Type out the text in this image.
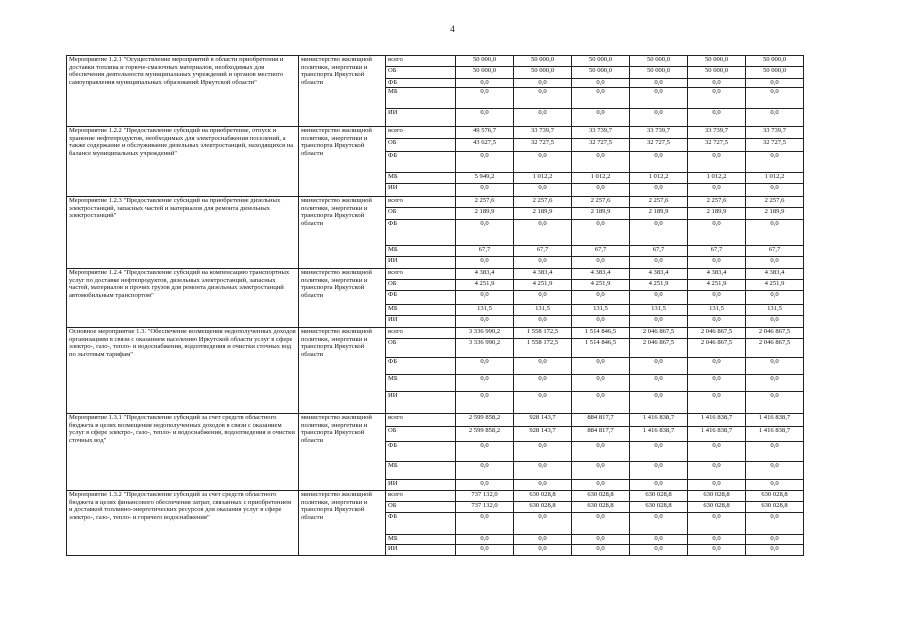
4
Мероприятие 1.2.1 "Осуществление мероприятий в области приобретения и доставки топлива и горюче-смазочных материалов, необходимых для обеспечения деятельности муниципальных учреждений и органов местного самоуправления муниципальных образований Иркутской области"	министерство жилищной политики, энергетики и транспорта Иркутской области	всего	50 000,0	50 000,0	50 000,0	50 000,0	50 000,0	50 000,0
		ОБ	50 000,0	50 000,0	50 000,0	50 000,0	50 000,0	50 000,0
		ФБ	0,0	0,0	0,0	0,0	0,0	0,0
		МБ	0,0	0,0	0,0	0,0	0,0	0,0
		ИИ	0,0	0,0	0,0	0,0	0,0	0,0
Мероприятие 1.2.2 "Предоставление субсидий на приобретение, отпуск и хранение нефтепродуктов, необходимых для электроснабжения поселений, а также содержание и обслуживание дизельных электростанций, находящихся на балансе муниципальных учреждений"	министерство жилищной политики, энергетики и транспорта Иркутской области	всего	49 576,7	33 739,7	33 739,7	33 739,7	33 739,7	33 739,7
		ОБ	43 627,5	32 727,5	32 727,5	32 727,5	32 727,5	32 727,5
		ФБ	0,0	0,0	0,0	0,0	0,0	0,0
		МБ	5 949,2	1 012,2	1 012,2	1 012,2	1 012,2	1 012,2
		ИИ	0,0	0,0	0,0	0,0	0,0	0,0
Мероприятие 1.2.3 "Предоставление субсидий на приобретение дизельных электростанций, запасных частей и материалов для ремонта дизельных электростанций"	министерство жилищной политики, энергетики и транспорта Иркутской области	всего	2 257,6	2 257,6	2 257,6	2 257,6	2 257,6	2 257,6
		ОБ	2 189,9	2 189,9	2 189,9	2 189,9	2 189,9	2 189,9
		ФБ	0,0	0,0	0,0	0,0	0,0	0,0
		МБ	67,7	67,7	67,7	67,7	67,7	67,7
		ИИ	0,0	0,0	0,0	0,0	0,0	0,0
Мероприятие 1.2.4 "Предоставление субсидий на компенсацию транспортных услуг по доставке нефтепродуктов, дизельных электростанций, запасных частей, материалов и прочих грузов для ремонта дизельных электростанций автомобильным транспортом"	министерство жилищной политики, энергетики и транспорта Иркутской области	всего	4 383,4	4 383,4	4 383,4	4 383,4	4 383,4	4 383,4
		ОБ	4 251,9	4 251,9	4 251,9	4 251,9	4 251,9	4 251,9
		ФБ	0,0	0,0	0,0	0,0	0,0	0,0
		МБ	131,5	131,5	131,5	131,5	131,5	131,5
		ИИ	0,0	0,0	0,0	0,0	0,0	0,0
Основное мероприятие 1.3. "Обеспечение возмещения недополученных доходов организациям в связи с оказанием населению Иркутской области услуг в сфере электро-, газо-, тепло- и водоснабжения, водоотведения и очистки сточных вод по льготным тарифам"	министерство жилищной политики, энергетики и транспорта Иркутской области	всего	3 336 990,2	1 558 172,5	1 514 846,5	2 046 867,5	2 046 867,5	2 046 867,5
		ОБ	3 336 990,2	1 558 172,5	1 514 846,5	2 046 867,5	2 046 867,5	2 046 867,5
		ФБ	0,0	0,0	0,0	0,0	0,0	0,0
		МБ	0,0	0,0	0,0	0,0	0,0	0,0
		ИИ	0,0	0,0	0,0	0,0	0,0	0,0
Мероприятие 1.3.1 "Предоставление субсидий за счет средств областного бюджета в целях возмещения недополученных доходов в связи с оказанием услуг в сфере электро-, газо-, тепло- и водоснабжения, водоотведения и очистки сточных вод"	министерство жилищной политики, энергетики и транспорта Иркутской области	всего	2 599 858,2	928 143,7	884 817,7	1 416 838,7	1 416 838,7	1 416 838,7
		ОБ	2 599 858,2	928 143,7	884 817,7	1 416 838,7	1 416 838,7	1 416 838,7
		ФБ	0,0	0,0	0,0	0,0	0,0	0,0
		МБ	0,0	0,0	0,0	0,0	0,0	0,0
		ИИ	0,0	0,0	0,0	0,0	0,0	0,0
Мероприятие 1.3.2 "Предоставление субсидий за счет средств областного бюджета в целях финансового обеспечения затрат, связанных с приобретением и доставкой топливно-энергетических ресурсов для оказания услуг в сфере электро-, газо-, тепло- и горячего водоснабжения"	министерство жилищной политики, энергетики и транспорта Иркутской области	всего	737 132,0	630 028,8	630 028,8	630 028,8	630 028,8	630 028,8
		ОБ	737 132,0	630 028,8	630 028,8	630 028,8	630 028,8	630 028,8
		ФБ	0,0	0,0	0,0	0,0	0,0	0,0
		МБ	0,0	0,0	0,0	0,0	0,0	0,0
		ИИ	0,0	0,0	0,0	0,0	0,0	0,0
